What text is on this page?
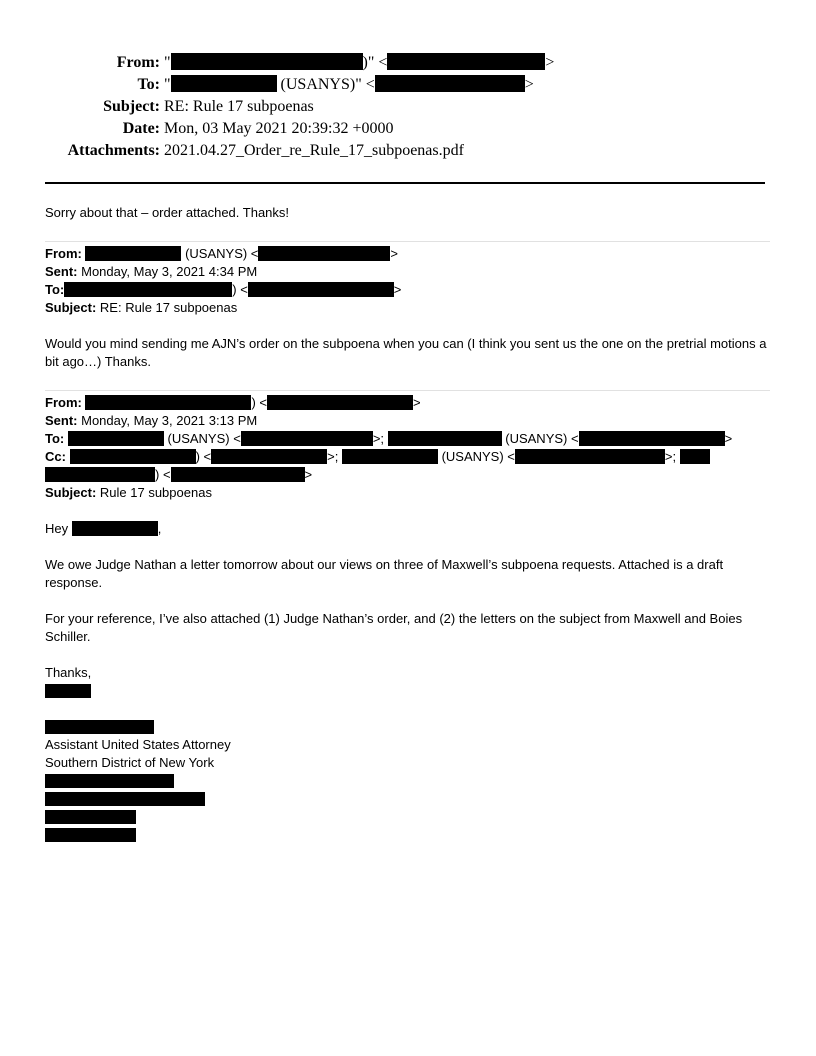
From: "	)" <	>
To: "	(USANYS)" <	>
Subject: RE: Rule 17 subpoenas
Date: Mon, 03 May 2021 20:39:32 +0000
Attachments: 2021.04.27_Order_re_Rule_17_subpoenas.pdf
Sorry about that – order attached. Thanks!
From:	(USANYS) <	>
Sent: Monday, May 3, 2021 4:34 PM
To:	) <	>
Subject: RE: Rule 17 subpoenas
Would you mind sending me AJN’s order on the subpoena when you can (I think you sent us the one on the pretrial motions a bit ago…) Thanks.
From:	) <	>
Sent: Monday, May 3, 2021 3:13 PM
To:	(USANYS) <	>;	(USANYS) <	>
Cc:	) <	>;	(USANYS) <	>;
) <	>
Subject: Rule 17 subpoenas
Hey	,
We owe Judge Nathan a letter tomorrow about our views on three of Maxwell’s subpoena requests. Attached is a draft response.
For your reference, I’ve also attached (1) Judge Nathan’s order, and (2) the letters on the subject from Maxwell and Boies Schiller.
Thanks,
Assistant United States Attorney
Southern District of New York
